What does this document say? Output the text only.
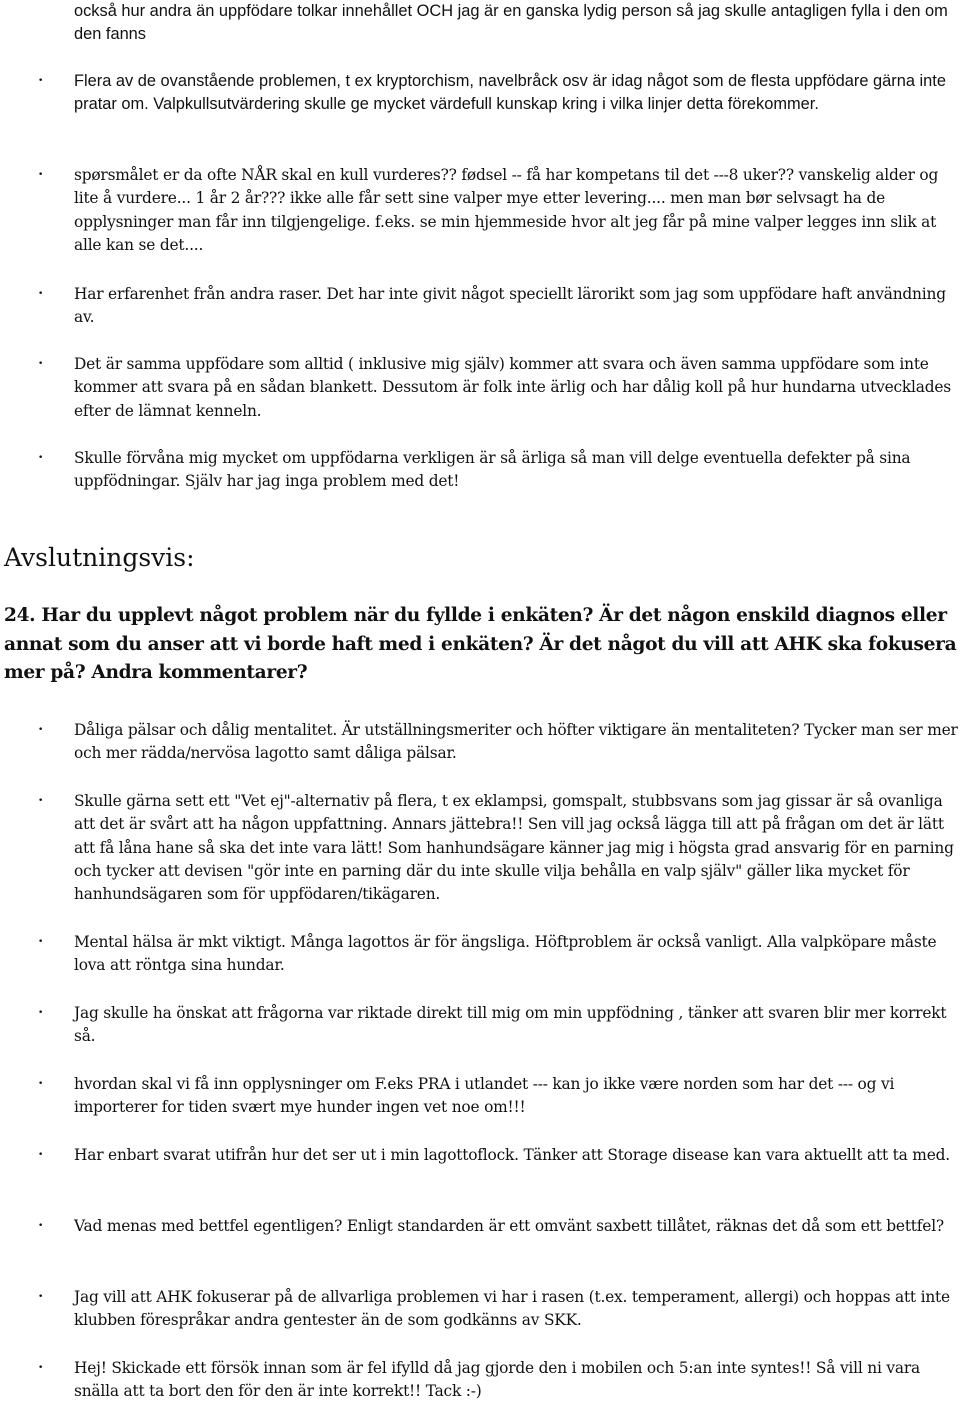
också hur andra än uppfödare tolkar innehållet OCH jag är en ganska lydig person så jag skulle antagligen fylla i den om den fanns

• Flera av de ovanstående problemen, t ex kryptorchism, navelbråck osv är idag något som de flesta uppfödare gärna inte pratar om. Valpkullsutvärdering skulle ge mycket värdefull kunskap kring i vilka linjer detta förekommer.

• spørsmålet er da ofte NÅR skal en kull vurderes?? fødsel -- få har kompetans til det ---8 uker?? vanskelig alder og lite å vurdere... 1 år 2 år??? ikke alle får sett sine valper mye etter levering.... men man bør selvsagt ha de opplysninger man får inn tilgjengelige. f.eks. se min hjemmeside hvor alt jeg får på mine valper legges inn slik at alle kan se det....

• Har erfarenhet från andra raser. Det har inte givit något speciellt lärorikt som jag som uppfödare haft användning av.

• Det är samma uppfödare som alltid ( inklusive mig själv) kommer att svara och även samma uppfödare som inte kommer att svara på en sådan blankett. Dessutom är folk inte ärlig och har dålig koll på hur hundarna utvecklades efter de lämnat kenneln.

• Skulle förvåna mig mycket om uppfödarna verkligen är så ärliga så man vill delge eventuella defekter på sina uppfödningar. Själv har jag inga problem med det!

Avslutningsvis:

24. Har du upplevt något problem när du fyllde i enkäten? Är det någon enskild diagnos eller annat som du anser att vi borde haft med i enkäten? Är det något du vill att AHK ska fokusera mer på? Andra kommentarer?

• Dåliga pälsar och dålig mentalitet. Är utställningsmeriter och höfter viktigare än mentaliteten? Tycker man ser mer och mer rädda/nervösa lagotto samt dåliga pälsar.

• Skulle gärna sett ett "Vet ej"-alternativ på flera, t ex eklampsi, gomspalt, stubbsvans som jag gissar är så ovanliga att det är svårt att ha någon uppfattning. Annars jättebra!! Sen vill jag också lägga till att på frågan om det är lätt att få låna hane så ska det inte vara lätt! Som hanhundsägare känner jag mig i högsta grad ansvarig för en parning och tycker att devisen "gör inte en parning där du inte skulle vilja behålla en valp själv" gäller lika mycket för hanhundsägaren som för uppfödaren/tikägaren.

• Mental hälsa är mkt viktigt. Många lagottos är för ängsliga. Höftproblem är också vanligt. Alla valpköpare måste lova att röntga sina hundar.

• Jag skulle ha önskat att frågorna var riktade direkt till mig om min uppfödning , tänker att svaren blir mer korrekt så.

• hvordan skal vi få inn opplysninger om F.eks PRA i utlandet --- kan jo ikke være norden som har det --- og vi importerer for tiden svært mye hunder ingen vet noe om!!!

• Har enbart svarat utifrån hur det ser ut i min lagottoflock. Tänker att Storage disease kan vara aktuellt att ta med.

• Vad menas med bettfel egentligen? Enligt standarden är ett omvänt saxbett tillåtet, räknas det då som ett bettfel?

• Jag vill att AHK fokuserar på de allvarliga problemen vi har i rasen (t.ex. temperament, allergi) och hoppas att inte klubben förespråkar andra gentester än de som godkänns av SKK.

• Hej! Skickade ett försök innan som är fel ifylld då jag gjorde den i mobilen och 5:an inte syntes!! Så vill ni vara snälla att ta bort den för den är inte korrekt!! Tack :-)
